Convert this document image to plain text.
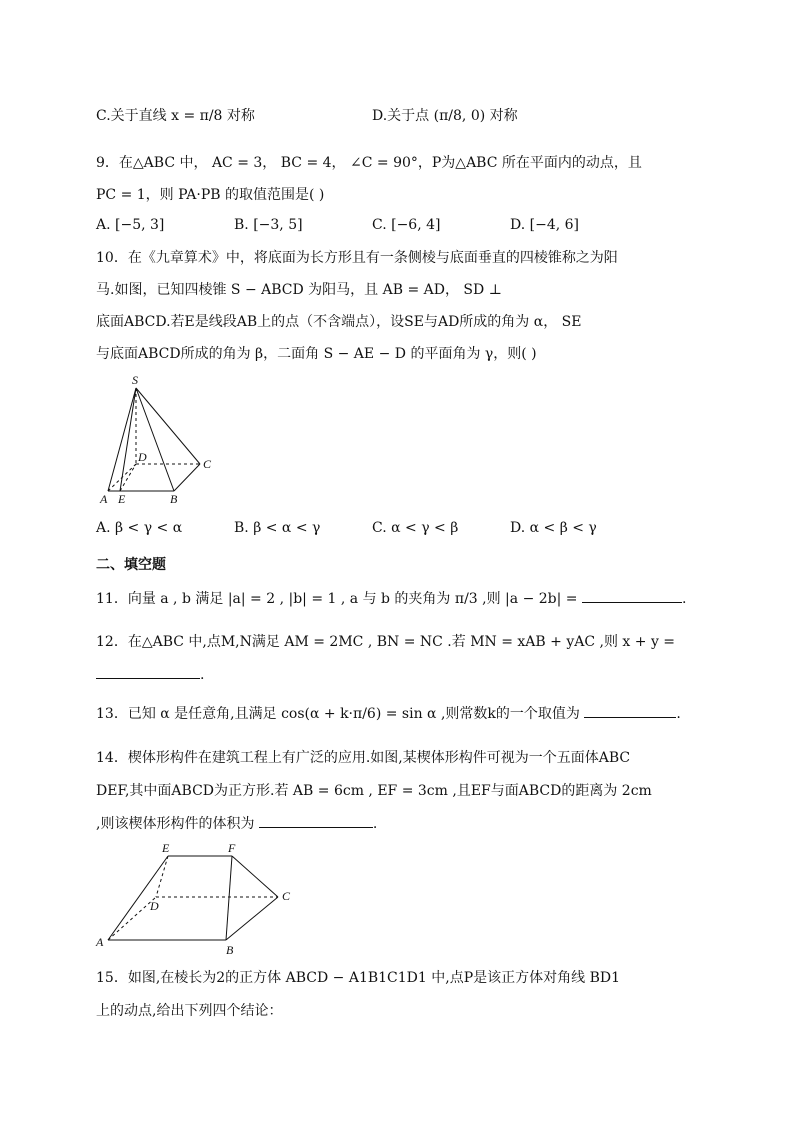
C.关于直线 x = π/8 对称	D.关于点 (π/8, 0) 对称
9．在△ABC 中， AC = 3， BC = 4， ∠C = 90°，P为△ABC 所在平面内的动点，且
PC = 1，则 PA·PB 的取值范围是( )
A. [−5, 3]	B. [−3, 5]	C. [−6, 4]	D. [−4, 6]
10．在《九章算术》中，将底面为长方形且有一条侧棱与底面垂直的四棱锥称之为阳
马.如图，已知四棱锥 S − ABCD 为阳马，且 AB = AD， SD ⊥
底面ABCD.若E是线段AB上的点（不含端点），设SE与AD所成的角为 α， SE
与底面ABCD所成的角为 β，二面角 S − AE − D 的平面角为 γ，则( )
S
D	C
A E	B
A. β < γ < α	B. β < α < γ	C. α < γ < β	D. α < β < γ
二、填空题
11．向量 a , b 满足 |a| = 2 , |b| = 1 , a 与 b 的夹角为 π/3 ,则 |a − 2b| =	.
12．在△ABC 中,点M,N满足 AM = 2MC , BN = NC .若 MN = xAB + yAC ,则 x + y =
.
13．已知 α 是任意角,且满足 cos(α + k·π/6) = sin α ,则常数k的一个取值为	.
14．楔体形构件在建筑工程上有广泛的应用.如图,某楔体形构件可视为一个五面体ABC
DEF,其中面ABCD为正方形.若 AB = 6cm , EF = 3cm ,且EF与面ABCD的距离为 2cm
,则该楔体形构件的体积为	.
E	F
D
C
A
B
15．如图,在棱长为2的正方体 ABCD − A1B1C1D1 中,点P是该正方体对角线 BD1
上的动点,给出下列四个结论：
